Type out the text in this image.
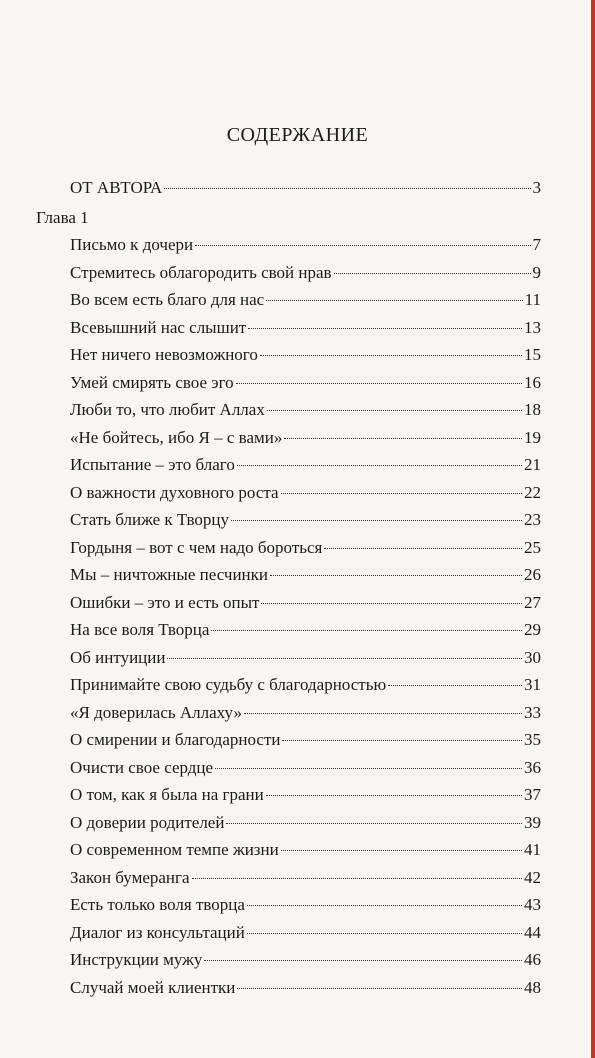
СОДЕРЖАНИЕ
ОТ АВТОРА	3
Глава 1
Письмо к дочери	7
Стремитесь облагородить свой нрав	9
Во всем есть благо для нас	11
Всевышний нас слышит	13
Нет ничего невозможного	15
Умей смирять свое эго	16
Люби то, что любит Аллах	18
«Не бойтесь, ибо Я – с вами»	19
Испытание – это благо	21
О важности духовного роста	22
Стать ближе к Творцу	23
Гордыня – вот с чем надо бороться	25
Мы – ничтожные песчинки	26
Ошибки – это и есть опыт	27
На все воля Творца	29
Об интуиции	30
Принимайте свою судьбу с благодарностью	31
«Я доверилась Аллаху»	33
О смирении и благодарности	35
Очисти свое сердце	36
О том, как я была на грани	37
О доверии родителей	39
О современном темпе жизни	41
Закон бумеранга	42
Есть только воля творца	43
Диалог из консультаций	44
Инструкции мужу	46
Случай моей клиентки	48
